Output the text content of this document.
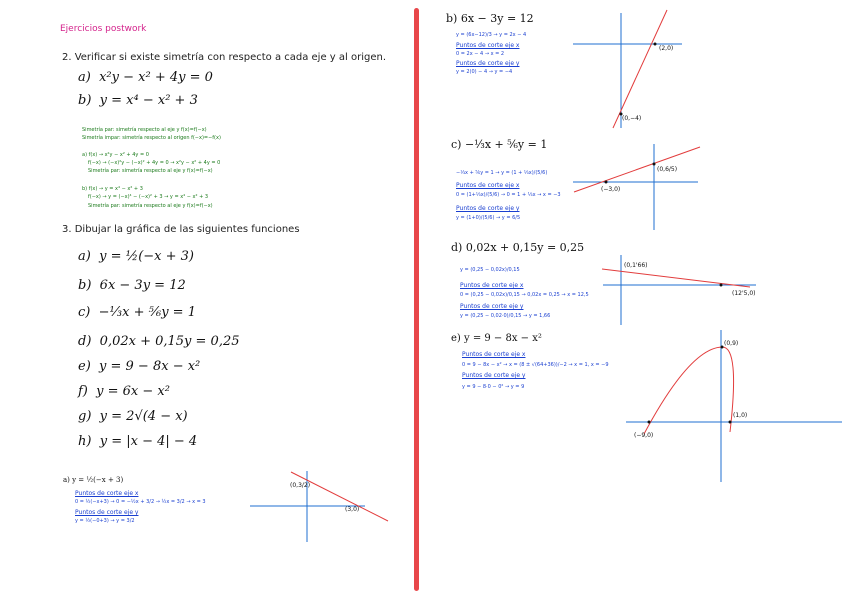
Ejercicios postwork
2. Verificar si existe simetría con respecto a cada eje y al origen.
a) x²y − x² + 4y = 0
b) y = x⁴ − x² + 3
Simetría par: simetría respecto al eje y f(x)=f(−x)
Simetría impar: simetría respecto al origen f(−x)=−f(x)
a) f(x) → x²y − x² + 4y = 0
f(−x) → (−x)²y − (−x)² + 4y = 0 → x²y − x² + 4y = 0
Simetría par: simetría respecto al eje y f(x)=f(−x)
b) f(x) → y = x⁴ − x² + 3
f(−x) → y = (−x)⁴ − (−x)² + 3 → y = x⁴ − x² + 3
Simetría par: simetría respecto al eje y f(x)=f(−x)
3. Dibujar la gráfica de las siguientes funciones
a) y = ½(−x + 3)
b) 6x − 3y = 12
c) −⅓x + ⅚y = 1
d) 0,02x + 0,15y = 0,25
e) y = 9 − 8x − x²
f) y = 6x − x²
g) y = 2√(4 − x)
h) y = |x − 4| − 4
a) y = ½(−x + 3)
Puntos de corte eje x
0 = ½(−x+3) → 0 = −½x + 3/2 → ½x = 3/2 → x = 3
Puntos de corte eje y
y = ½(−0+3) → y = 3/2
(0,3/2)
(3,0)
b) 6x − 3y = 12
y = (6x−12)/3 → y = 2x − 4
Puntos de corte eje x
0 = 2x − 4 → x = 2
Puntos de corte eje y
y = 2(0) − 4 → y = −4
(2,0)
(0,−4)
c) −⅓x + ⅚y = 1
−⅓x + ⅚y = 1 → y = (1 + ⅓x)/(5/6)
Puntos de corte eje x
0 = (1+⅓x)/(5/6) → 0 = 1 + ⅓x → x = −3
Puntos de corte eje y
y = (1+0)/(5/6) → y = 6/5
(0,6/5)
(−3,0)
d) 0,02x + 0,15y = 0,25
y = (0,25 − 0,02x)/0,15
Puntos de corte eje x
0 = (0,25 − 0,02x)/0,15 → 0,02x = 0,25 → x = 12,5
Puntos de corte eje y
y = (0,25 − 0,02·0)/0,15 → y = 1,66
(0,1'66)
(12'5,0)
e) y = 9 − 8x − x²
Puntos de corte eje x
0 = 9 − 8x − x² → x = (8 ± √(64+36))/−2 → x = 1, x = −9
Puntos de corte eje y
y = 9 − 8·0 − 0² → y = 9
(0,9)
(1,0)
(−9,0)
